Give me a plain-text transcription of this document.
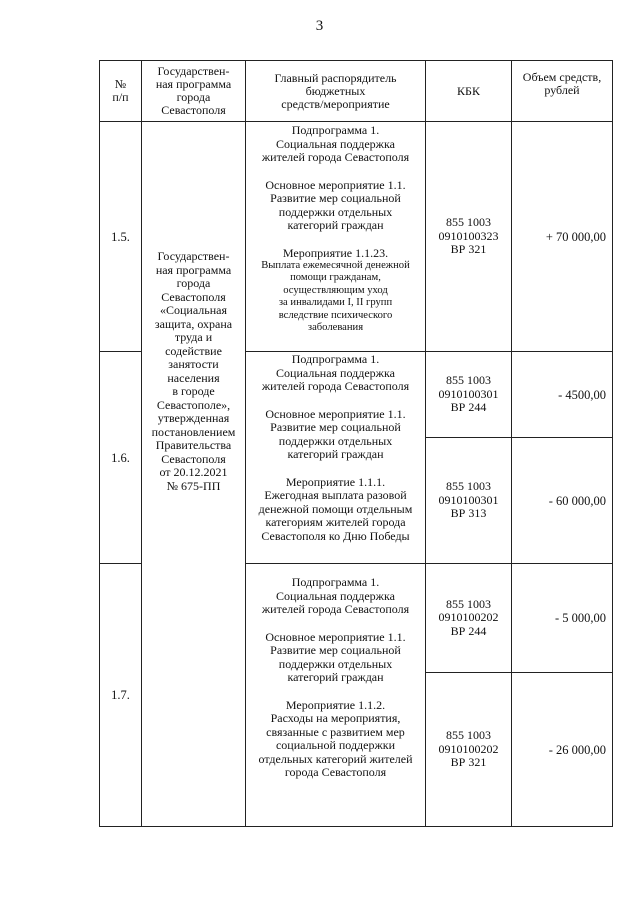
3
№
п/п
Государствен-
ная программа
города
Севастополя
Главный распорядитель
бюджетных
средств/мероприятие
КБК
Объем средств,
рублей
1.5.
1.6.
1.7.
Государствен-
ная программа
города
Севастополя
«Социальная
защита, охрана
труда и
содействие
занятости
населения
в городе
Севастополе»,
утвержденная
постановлением
Правительства
Севастополя
от 20.12.2021
№ 675-ПП
Подпрограмма 1.
Социальная поддержка
жителей города Севастополя
Основное мероприятие 1.1.
Развитие мер социальной
поддержки отдельных
категорий граждан
Мероприятие 1.1.23.
Выплата ежемесячной денежной
помощи гражданам,
осуществляющим уход
за инвалидами I, II групп
вследствие психического
заболевания
855 1003
0910100323
ВР 321
+ 70 000,00
Подпрограмма 1.
Социальная поддержка
жителей города Севастополя
Основное мероприятие 1.1.
Развитие мер социальной
поддержки отдельных
категорий граждан
Мероприятие 1.1.1.
Ежегодная выплата разовой
денежной помощи отдельным
категориям жителей города
Севастополя ко Дню Победы
855 1003
0910100301
ВР 244
- 4500,00
855 1003
0910100301
ВР 313
- 60 000,00
Подпрограмма 1.
Социальная поддержка
жителей города Севастополя
Основное мероприятие 1.1.
Развитие мер социальной
поддержки отдельных
категорий граждан
Мероприятие 1.1.2.
Расходы на мероприятия,
связанные с развитием мер
социальной поддержки
отдельных категорий жителей
города Севастополя
855 1003
0910100202
ВР 244
- 5 000,00
855 1003
0910100202
ВР 321
- 26 000,00
